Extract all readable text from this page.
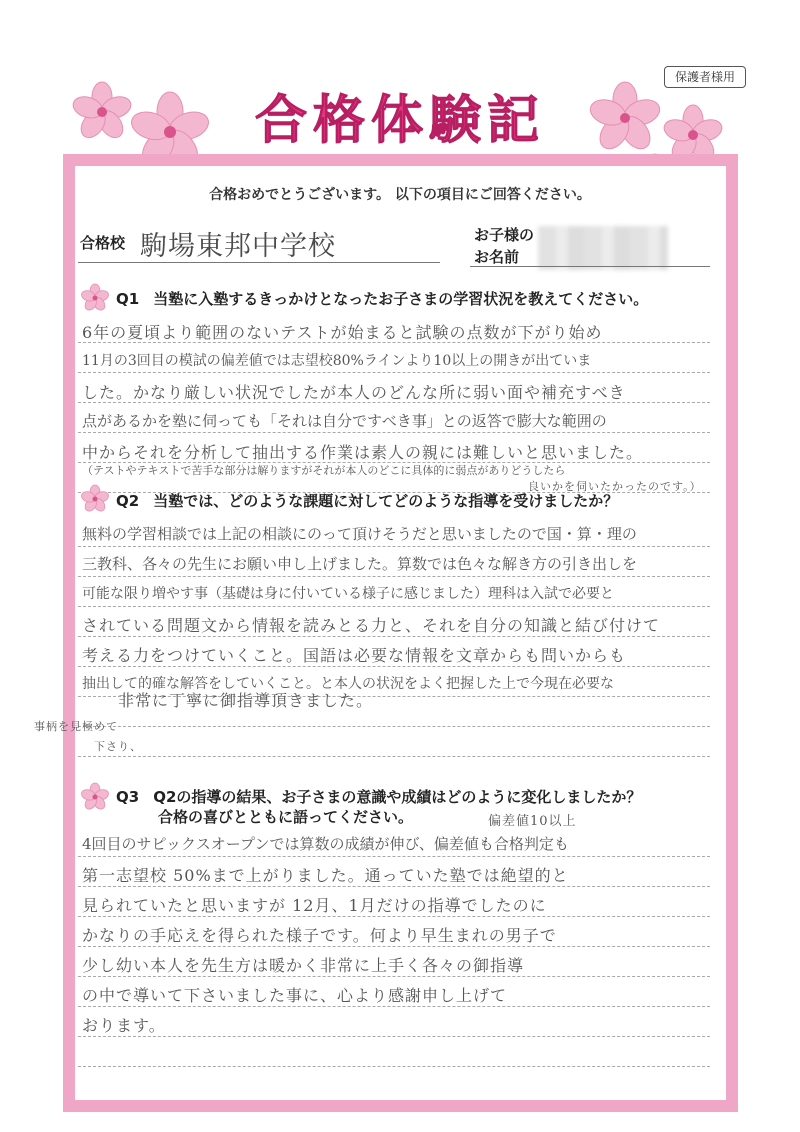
保護者様用
合格体験記
合格おめでとうございます。 以下の項目にご回答ください。
合格校 駒場東邦中学校	お子様の
お名前
Q1 当塾に入塾するきっかけとなったお子さまの学習状況を教えてください。
6年の夏頃より範囲のないテストが始まると試験の点数が下がり始め
11月の3回目の模試の偏差値では志望校80%ラインより10以上の開きが出ていま
した。かなり厳しい状況でしたが本人のどんな所に弱い面や補充すべき
点があるかを塾に伺っても「それは自分ですべき事」との返答で膨大な範囲の
中からそれを分析して抽出する作業は素人の親には難しいと思いました。
（テストやテキストで苦手な部分は解りますがそれが本人のどこに具体的に弱点がありどうしたら
良いかを伺いたかったのです。）
Q2 当塾では、どのような課題に対してどのような指導を受けましたか？
無料の学習相談では上記の相談にのって頂けそうだと思いましたので国・算・理の
三教科、各々の先生にお願い申し上げました。算数では色々な解き方の引き出しを
可能な限り増やす事（基礎は身に付いている様子に感じました）理科は入試で必要と
されている問題文から情報を読みとる力と、それを自分の知識と結び付けて
考える力をつけていくこと。国語は必要な情報を文章からも問いからも
抽出して的確な解答をしていくこと。と本人の状況をよく把握した上で今現在必要な
非常に丁寧に御指導頂きました。
事柄を見極めて
下さり、
Q3 Q2の指導の結果、お子さまの意識や成績はどのように変化しましたか？
合格の喜びとともに語ってください。	偏差値10以上
4回目のサピックスオープンでは算数の成績が伸び、偏差値も合格判定も
第一志望校 50%まで上がりました。通っていた塾では絶望的と
見られていたと思いますが 12月、1月だけの指導でしたのに
かなりの手応えを得られた様子です。何より早生まれの男子で
少し幼い本人を先生方は暖かく非常に上手く各々の御指導
の中で導いて下さいました事に、心より感謝申し上げて
おります。
